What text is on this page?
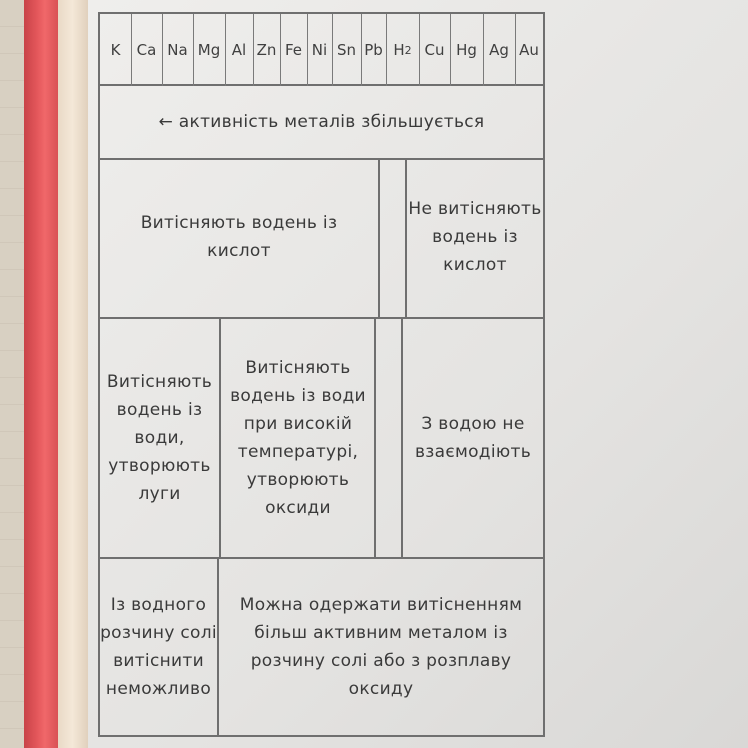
K	Ca Na Mg Al Zn Fe Ni Sn Pb H 2 Cu Hg Ag Au
← активність металів збільшується
Витісняють водень із кислот
Не витісняють водень із кислот
Витісняють водень із води, утворюють луги
Витісняють водень із води при високій температурі, утворюють оксиди
З водою не взаємодіють
Із водного розчину солі витіснити неможливо
Можна одержати витісненням більш активним металом із розчину солі або з розплаву оксиду
